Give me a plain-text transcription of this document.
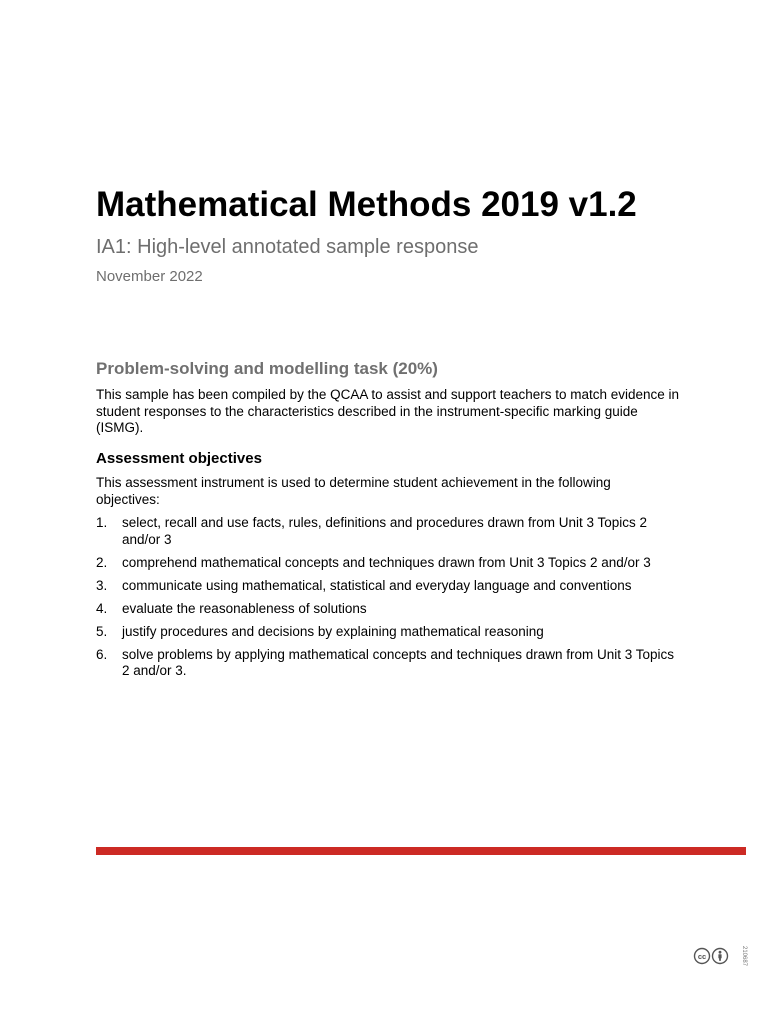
Mathematical Methods 2019 v1.2
IA1: High-level annotated sample response
November 2022
Problem-solving and modelling task (20%)
This sample has been compiled by the QCAA to assist and support teachers to match evidence in student responses to the characteristics described in the instrument-specific marking guide (ISMG).
Assessment objectives
This assessment instrument is used to determine student achievement in the following objectives:
1. select, recall and use facts, rules, definitions and procedures drawn from Unit 3 Topics 2 and/or 3
2. comprehend mathematical concepts and techniques drawn from Unit 3 Topics 2 and/or 3
3. communicate using mathematical, statistical and everyday language and conventions
4. evaluate the reasonableness of solutions
5. justify procedures and decisions by explaining mathematical reasoning
6. solve problems by applying mathematical concepts and techniques drawn from Unit 3 Topics 2 and/or 3.
cc	210687
